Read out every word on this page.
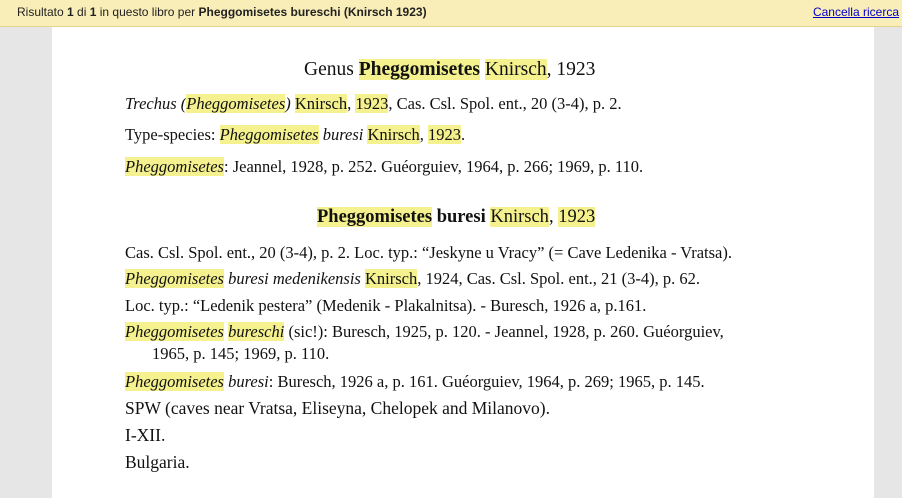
Risultato 1 di 1 in questo libro per Pheggomisetes bureschi (Knirsch 1923)	Cancella ricerca
Genus Pheggomisetes Knirsch, 1923
Trechus (Pheggomisetes) Knirsch, 1923, Cas. Csl. Spol. ent., 20 (3-4), p. 2.
Type-species: Pheggomisetes buresi Knirsch, 1923.
Pheggomisetes: Jeannel, 1928, p. 252. Guéorguiev, 1964, p. 266; 1969, p. 110.
Pheggomisetes buresi Knirsch, 1923
Cas. Csl. Spol. ent., 20 (3-4), p. 2. Loc. typ.: “Jeskyne u Vracy” (= Cave Ledenika - Vratsa).
Pheggomisetes buresi medenikensis Knirsch, 1924, Cas. Csl. Spol. ent., 21 (3-4), p. 62.
Loc. typ.: “Ledenik pestera” (Medenik - Plakalnitsa). - Buresch, 1926 a, p.161.
Pheggomisetes bureschi (sic!): Buresch, 1925, p. 120. - Jeannel, 1928, p. 260. Guéorguiev,
1965, p. 145; 1969, p. 110.
Pheggomisetes buresi: Buresch, 1926 a, p. 161. Guéorguiev, 1964, p. 269; 1965, p. 145.
SPW (caves near Vratsa, Eliseyna, Chelopek and Milanovo).
I-XII.
Bulgaria.
